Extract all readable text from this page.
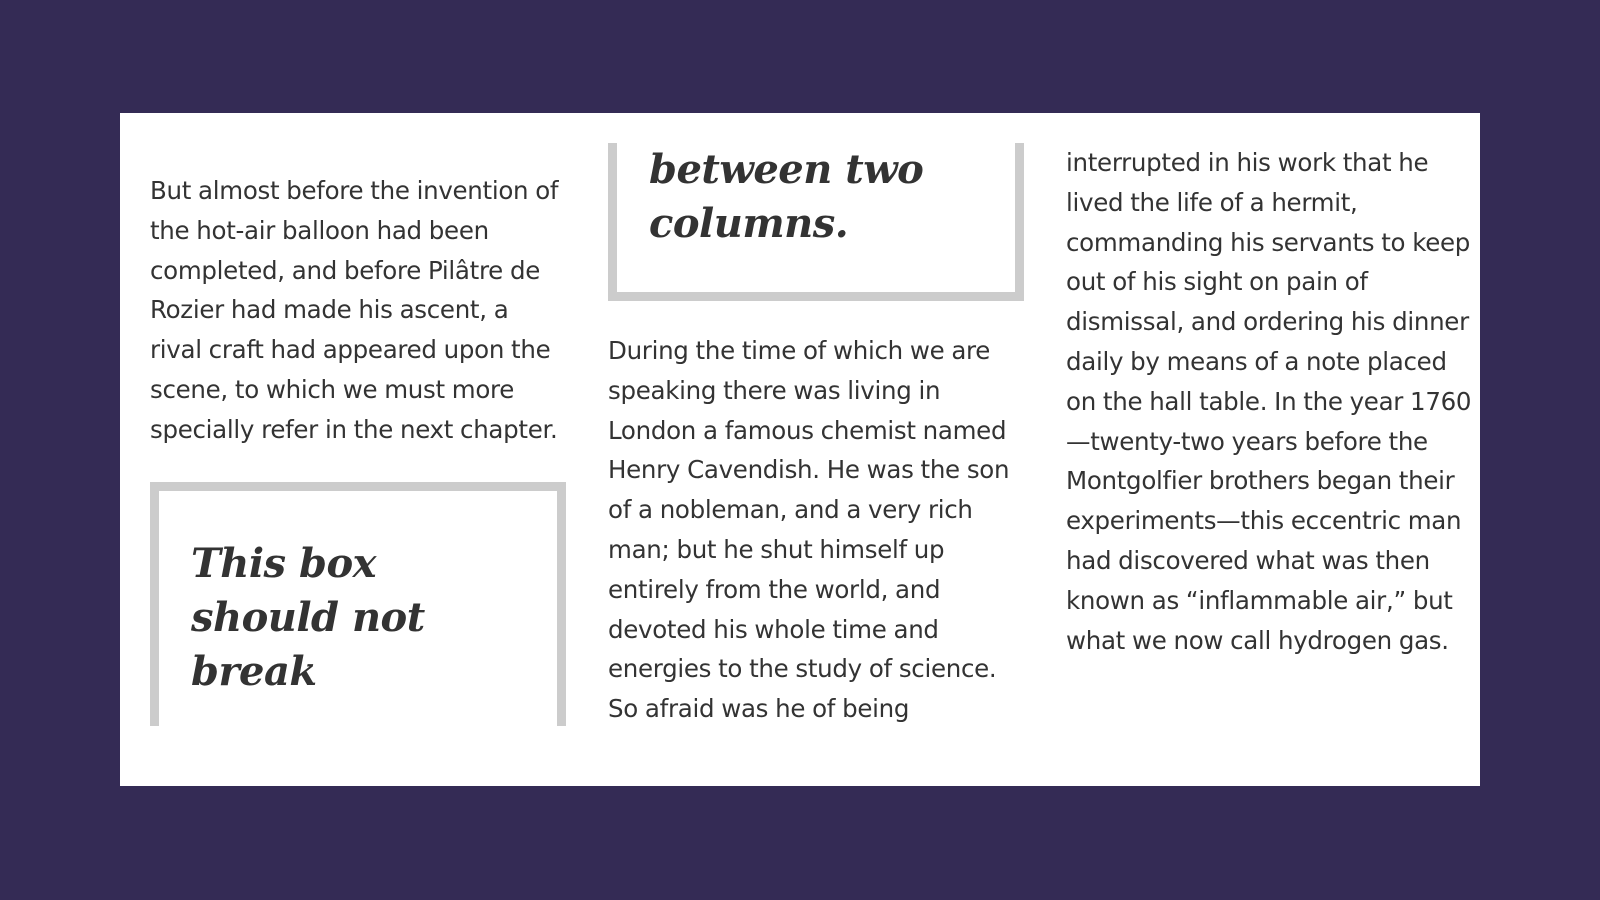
But almost before the invention of the hot-air balloon had been completed, and before Pilâtre de Rozier had made his ascent, a rival craft had appeared upon the scene, to which we must more specially refer in the next chapter.

This box should not break

between two columns.

During the time of which we are speaking there was living in London a famous chemist named Henry Cavendish. He was the son of a nobleman, and a very rich man; but he shut himself up entirely from the world, and devoted his whole time and energies to the study of science. So afraid was he of being

interrupted in his work that he lived the life of a hermit, commanding his servants to keep out of his sight on pain of dismissal, and ordering his dinner daily by means of a note placed on the hall table. In the year 1760—twenty-two years before the Montgolfier brothers began their experiments—this eccentric man had discovered what was then known as “inflammable air,” but what we now call hydrogen gas.
